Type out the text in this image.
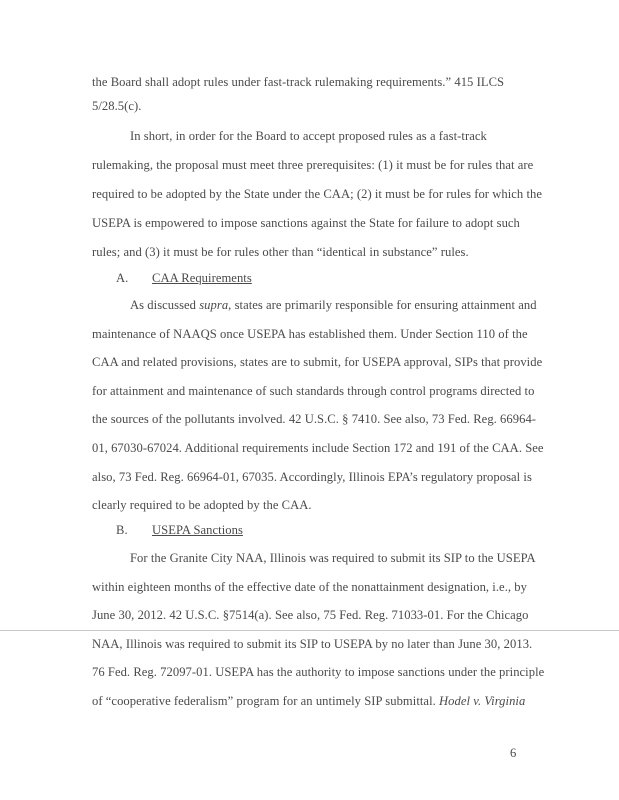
the Board shall adopt rules under fast-track rulemaking requirements.” 415 ILCS
5/28.5(c).
In short, in order for the Board to accept proposed rules as a fast-track
rulemaking, the proposal must meet three prerequisites: (1) it must be for rules that are
required to be adopted by the State under the CAA; (2) it must be for rules for which the
USEPA is empowered to impose sanctions against the State for failure to adopt such
rules; and (3) it must be for rules other than “identical in substance” rules.
A. CAA Requirements
As discussed supra, states are primarily responsible for ensuring attainment and
maintenance of NAAQS once USEPA has established them. Under Section 110 of the
CAA and related provisions, states are to submit, for USEPA approval, SIPs that provide
for attainment and maintenance of such standards through control programs directed to
the sources of the pollutants involved. 42 U.S.C. § 7410. See also, 73 Fed. Reg. 66964-
01, 67030-67024. Additional requirements include Section 172 and 191 of the CAA. See
also, 73 Fed. Reg. 66964-01, 67035. Accordingly, Illinois EPA’s regulatory proposal is
clearly required to be adopted by the CAA.
B. USEPA Sanctions
For the Granite City NAA, Illinois was required to submit its SIP to the USEPA
within eighteen months of the effective date of the nonattainment designation, i.e., by
June 30, 2012. 42 U.S.C. §7514(a). See also, 75 Fed. Reg. 71033-01. For the Chicago
NAA, Illinois was required to submit its SIP to USEPA by no later than June 30, 2013.
76 Fed. Reg. 72097-01. USEPA has the authority to impose sanctions under the principle
of “cooperative federalism” program for an untimely SIP submittal. Hodel v. Virginia
6
